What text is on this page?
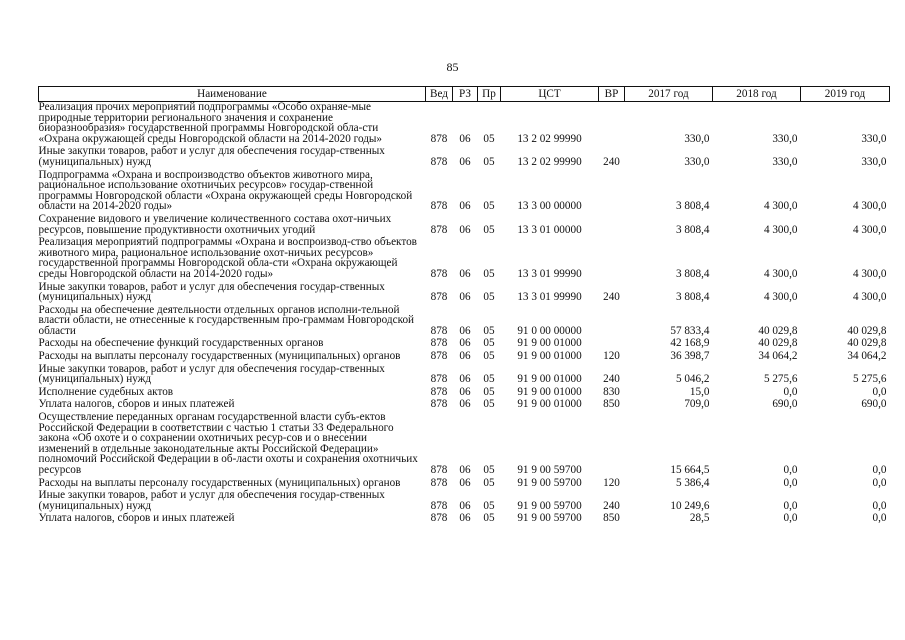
85
Наименование	Вед	РЗ	Пр	ЦСТ	ВР	2017 год	2018 год	2019 год
Реализация прочих мероприятий подпрограммы «Особо охраняе-мые природные территории регионального значения и сохранение биоразнообразия» государственной программы Новгородской обла-сти «Охрана окружающей среды Новгородской области на 2014-2020 годы»	878	06	05	13 2 02 99990		330,0	330,0	330,0
Иные закупки товаров, работ и услуг для обеспечения государ-ственных (муниципальных) нужд	878	06	05	13 2 02 99990	240	330,0	330,0	330,0
Подпрограмма «Охрана и воспроизводство объектов животного мира, рациональное использование охотничьих ресурсов» государ-ственной программы Новгородской области «Охрана окружающей среды Новгородской области на 2014-2020 годы»	878	06	05	13 3 00 00000		3 808,4	4 300,0	4 300,0
Сохранение видового и увеличение количественного состава охот-ничьих ресурсов, повышение продуктивности охотничьих угодий	878	06	05	13 3 01 00000		3 808,4	4 300,0	4 300,0
Реализация мероприятий подпрограммы «Охрана и воспроизвод-ство объектов животного мира, рациональное использование охот-ничьих ресурсов» государственной программы Новгородской обла-сти «Охрана окружающей среды Новгородской области на 2014-2020 годы»	878	06	05	13 3 01 99990		3 808,4	4 300,0	4 300,0
Иные закупки товаров, работ и услуг для обеспечения государ-ственных (муниципальных) нужд	878	06	05	13 3 01 99990	240	3 808,4	4 300,0	4 300,0
Расходы на обеспечение деятельности отдельных органов исполни-тельной власти области, не отнесенные к государственным про-граммам Новгородской области	878	06	05	91 0 00 00000		57 833,4	40 029,8	40 029,8
Расходы на обеспечение функций государственных органов	878	06	05	91 9 00 01000		42 168,9	40 029,8	40 029,8
Расходы на выплаты персоналу государственных (муниципальных) органов	878	06	05	91 9 00 01000	120	36 398,7	34 064,2	34 064,2
Иные закупки товаров, работ и услуг для обеспечения государ-ственных (муниципальных) нужд	878	06	05	91 9 00 01000	240	5 046,2	5 275,6	5 275,6
Исполнение судебных актов	878	06	05	91 9 00 01000	830	15,0	0,0	0,0
Уплата налогов, сборов и иных платежей	878	06	05	91 9 00 01000	850	709,0	690,0	690,0
Осуществление переданных органам государственной власти субъ-ектов Российской Федерации в соответствии с частью 1 статьи 33 Федерального закона «Об охоте и о сохранении охотничьих ресур-сов и о внесении изменений в отдельные законодательные акты Российской Федерации» полномочий Российской Федерации в об-ласти охоты и сохранения охотничьих ресурсов	878	06	05	91 9 00 59700		15 664,5	0,0	0,0
Расходы на выплаты персоналу государственных (муниципальных) органов	878	06	05	91 9 00 59700	120	5 386,4	0,0	0,0
Иные закупки товаров, работ и услуг для обеспечения государ-ственных (муниципальных) нужд	878	06	05	91 9 00 59700	240	10 249,6	0,0	0,0
Уплата налогов, сборов и иных платежей	878	06	05	91 9 00 59700	850	28,5	0,0	0,0
